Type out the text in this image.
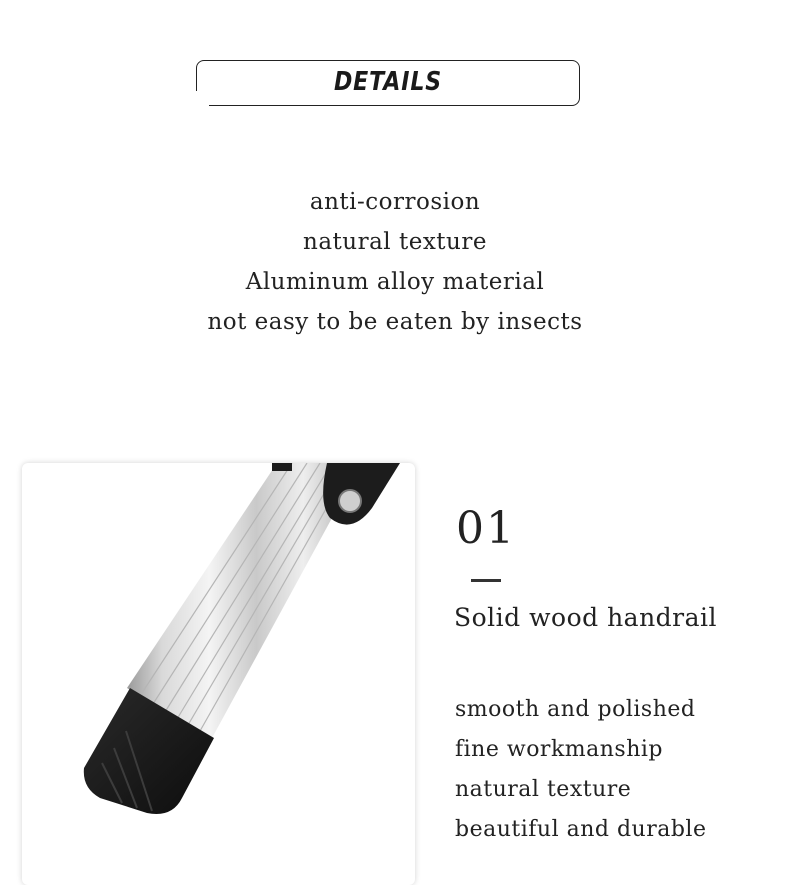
DETAILS
anti-corrosion
natural texture
Aluminum alloy material
not easy to be eaten by insects
01
Solid wood handrail
smooth and polished
fine workmanship
natural texture
beautiful and durable
